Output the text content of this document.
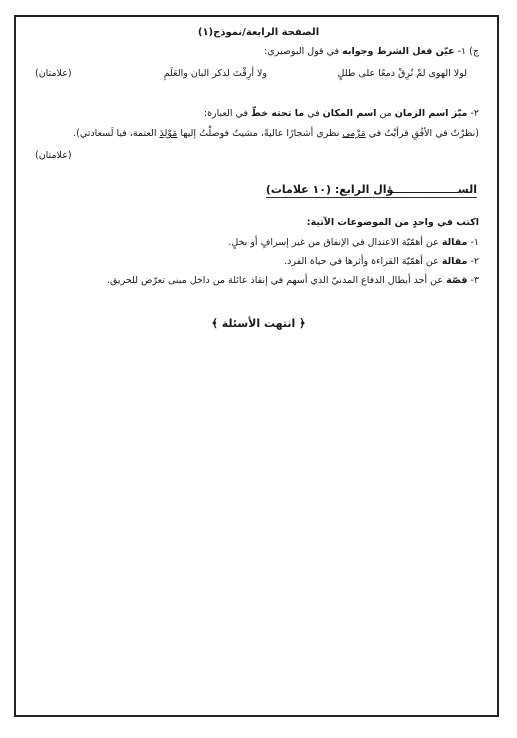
الصفحة الرابعة/نموذج(١)
ج) ١- عيّن فعل الشرط وجوابه في قول البوصيري:
لولا الهوى لمْ تُرِقْ دمعًا على طللٍ
ولا أرِقْتَ لذكر البان والعَلَمِ
(علامتان)
٢- ميّز اسم الزمان من اسم المكان في ما تحته خطّ في العبارة:
(نظرْتُ في الأفُقِ فرأيْتُ في مَرْمى نظري أشجارًا عاليةً، مشيتُ فوصلْتُ إليها مَوْلِدَ العتمة، فيا لَسعادتي).
(علامتان)
الســــــــــــــــــــؤال الرابع: (١٠ علامات)
اكتب في واحدٍ من الموضوعات الآتية:
١- مقالة عن أهمّيّة الاعتدال في الإنفاق من غير إسرافٍ أو بخلٍ.
٢- مقالة عن أهمّيّة القراءة وأثرها في حياة الفرد.
٣- قصّة عن أحد أبطال الدفاع المدنيّ الذي أسهم في إنقاذ عائلة من داخل مبنى تعرّض للحريق.
﴿ انتهت الأسئلة ﴾
